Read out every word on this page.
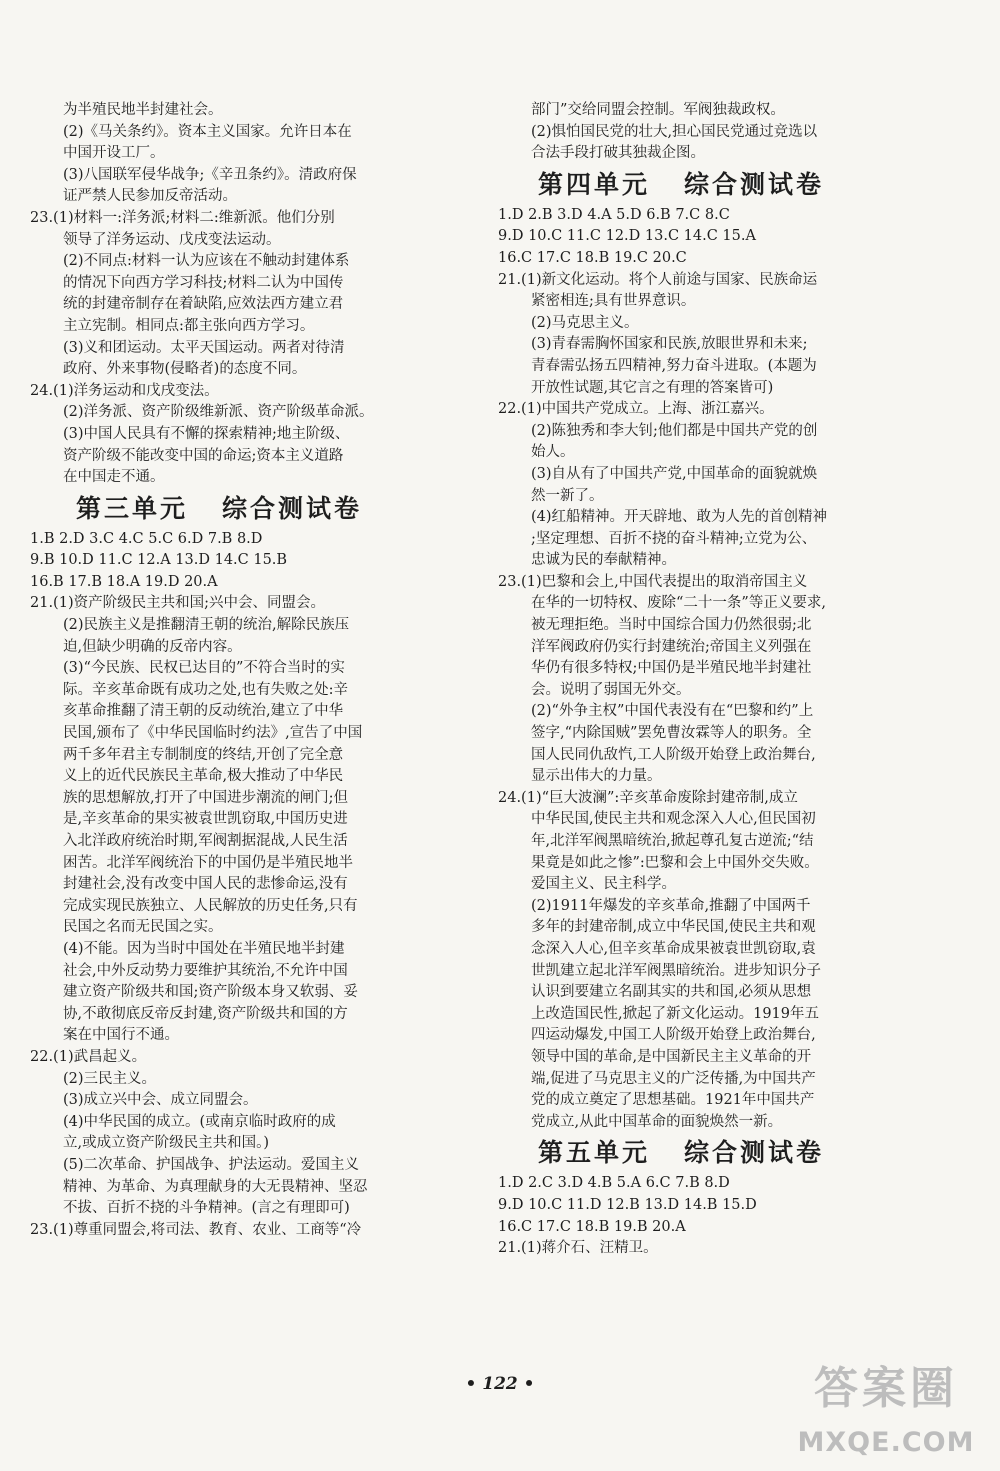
为半殖民地半封建社会。
(2)《马关条约》。资本主义国家。允许日本在
中国开设工厂。
(3)八国联军侵华战争;《辛丑条约》。清政府保
证严禁人民参加反帝活动。
23.(1)材料一:洋务派;材料二:维新派。他们分别
领导了洋务运动、戊戌变法运动。
(2)不同点:材料一认为应该在不触动封建体系
的情况下向西方学习科技;材料二认为中国传
统的封建帝制存在着缺陷,应效法西方建立君
主立宪制。相同点:都主张向西方学习。
(3)义和团运动。太平天国运动。两者对待清
政府、外来事物(侵略者)的态度不同。
24.(1)洋务运动和戊戌变法。
(2)洋务派、资产阶级维新派、资产阶级革命派。
(3)中国人民具有不懈的探索精神;地主阶级、
资产阶级不能改变中国的命运;资本主义道路
在中国走不通。
第三单元 综合测试卷
1.B 2.D 3.C 4.C 5.C 6.D 7.B 8.D
9.B 10.D 11.C 12.A 13.D 14.C 15.B
16.B 17.B 18.A 19.D 20.A
21.(1)资产阶级民主共和国;兴中会、同盟会。
(2)民族主义是推翻清王朝的统治,解除民族压
迫,但缺少明确的反帝内容。
(3)“今民族、民权已达目的”不符合当时的实
际。辛亥革命既有成功之处,也有失败之处:辛
亥革命推翻了清王朝的反动统治,建立了中华
民国,颁布了《中华民国临时约法》,宣告了中国
两千多年君主专制制度的终结,开创了完全意
义上的近代民族民主革命,极大推动了中华民
族的思想解放,打开了中国进步潮流的闸门;但
是,辛亥革命的果实被袁世凯窃取,中国历史进
入北洋政府统治时期,军阀割据混战,人民生活
困苦。北洋军阀统治下的中国仍是半殖民地半
封建社会,没有改变中国人民的悲惨命运,没有
完成实现民族独立、人民解放的历史任务,只有
民国之名而无民国之实。
(4)不能。因为当时中国处在半殖民地半封建
社会,中外反动势力要维护其统治,不允许中国
建立资产阶级共和国;资产阶级本身又软弱、妥
协,不敢彻底反帝反封建,资产阶级共和国的方
案在中国行不通。
22.(1)武昌起义。
(2)三民主义。
(3)成立兴中会、成立同盟会。
(4)中华民国的成立。(或南京临时政府的成
立,或成立资产阶级民主共和国。)
(5)二次革命、护国战争、护法运动。爱国主义
精神、为革命、为真理献身的大无畏精神、坚忍
不拔、百折不挠的斗争精神。(言之有理即可)
23.(1)尊重同盟会,将司法、教育、农业、工商等“冷
部门”交给同盟会控制。军阀独裁政权。
(2)惧怕国民党的壮大,担心国民党通过竞选以
合法手段打破其独裁企图。
第四单元 综合测试卷
1.D 2.B 3.D 4.A 5.D 6.B 7.C 8.C
9.D 10.C 11.C 12.D 13.C 14.C 15.A
16.C 17.C 18.B 19.C 20.C
21.(1)新文化运动。将个人前途与国家、民族命运
紧密相连;具有世界意识。
(2)马克思主义。
(3)青春需胸怀国家和民族,放眼世界和未来;
青春需弘扬五四精神,努力奋斗进取。(本题为
开放性试题,其它言之有理的答案皆可)
22.(1)中国共产党成立。上海、浙江嘉兴。
(2)陈独秀和李大钊;他们都是中国共产党的创
始人。
(3)自从有了中国共产党,中国革命的面貌就焕
然一新了。
(4)红船精神。开天辟地、敢为人先的首创精神
;坚定理想、百折不挠的奋斗精神;立党为公、
忠诚为民的奉献精神。
23.(1)巴黎和会上,中国代表提出的取消帝国主义
在华的一切特权、废除“二十一条”等正义要求,
被无理拒绝。当时中国综合国力仍然很弱;北
洋军阀政府仍实行封建统治;帝国主义列强在
华仍有很多特权;中国仍是半殖民地半封建社
会。说明了弱国无外交。
(2)“外争主权”中国代表没有在“巴黎和约”上
签字,“内除国贼”罢免曹汝霖等人的职务。全
国人民同仇敌忾,工人阶级开始登上政治舞台,
显示出伟大的力量。
24.(1)“巨大波澜”:辛亥革命废除封建帝制,成立
中华民国,使民主共和观念深入人心,但民国初
年,北洋军阀黑暗统治,掀起尊孔复古逆流;“结
果竟是如此之惨”:巴黎和会上中国外交失败。
爱国主义、民主科学。
(2)1911年爆发的辛亥革命,推翻了中国两千
多年的封建帝制,成立中华民国,使民主共和观
念深入人心,但辛亥革命成果被袁世凯窃取,袁
世凯建立起北洋军阀黑暗统治。进步知识分子
认识到要建立名副其实的共和国,必须从思想
上改造国民性,掀起了新文化运动。1919年五
四运动爆发,中国工人阶级开始登上政治舞台,
领导中国的革命,是中国新民主主义革命的开
端,促进了马克思主义的广泛传播,为中国共产
党的成立奠定了思想基础。1921年中国共产
党成立,从此中国革命的面貌焕然一新。
第五单元 综合测试卷
1.D 2.C 3.D 4.B 5.A 6.C 7.B 8.D
9.D 10.C 11.D 12.B 13.D 14.B 15.D
16.C 17.C 18.B 19.B 20.A
21.(1)蒋介石、汪精卫。
• 122 •	答案圈
MXQE.COM
